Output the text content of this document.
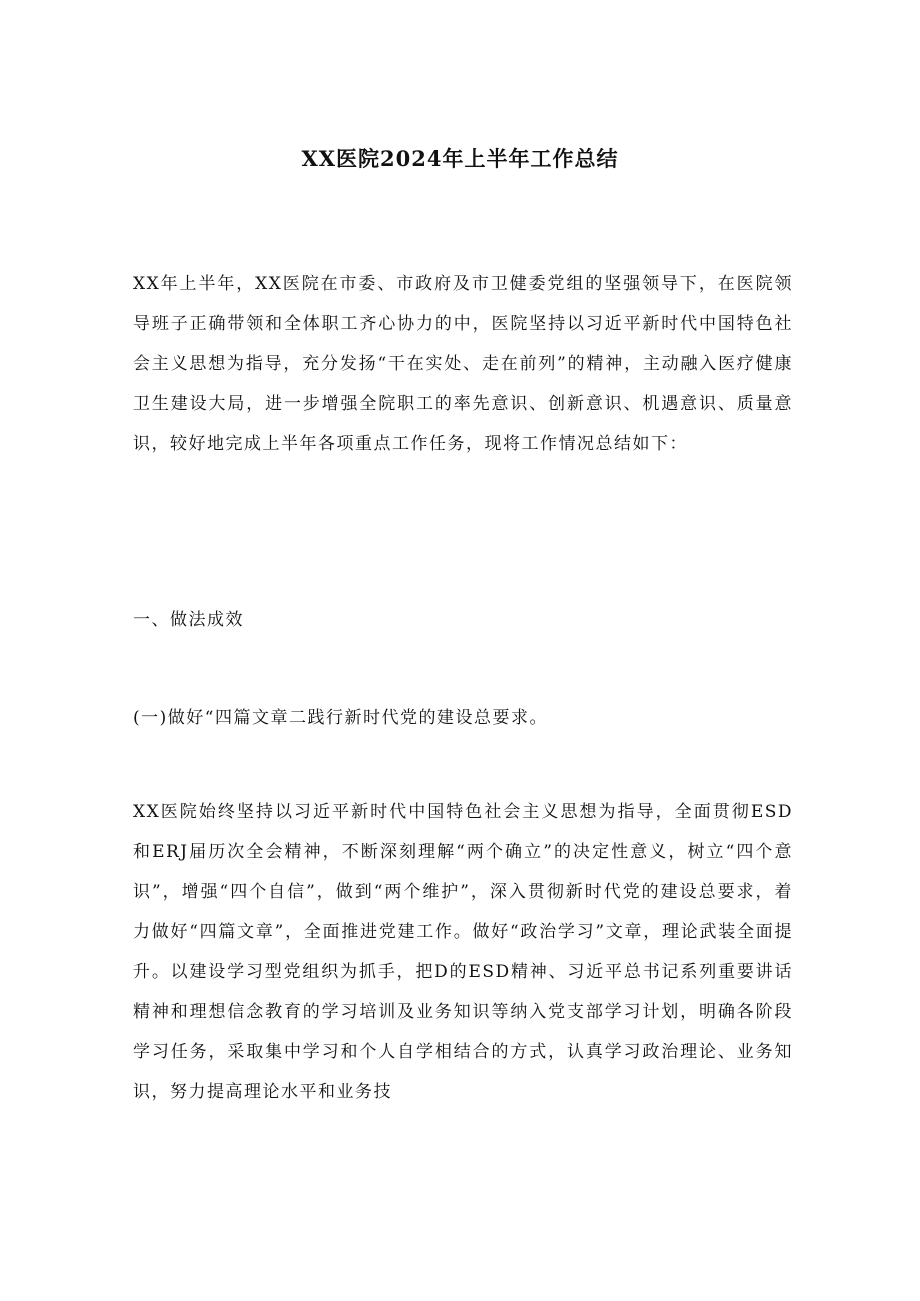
XX医院2024年上半年工作总结

XX年上半年，XX医院在市委、市政府及市卫健委党组的坚强领导下，在医院领导班子正确带领和全体职工齐心协力的中，医院坚持以习近平新时代中国特色社会主义思想为指导，充分发扬“干在实处、走在前列”的精神，主动融入医疗健康卫生建设大局，进一步增强全院职工的率先意识、创新意识、机遇意识、质量意识，较好地完成上半年各项重点工作任务，现将工作情况总结如下：

一、做法成效
(一)做好“四篇文章二践行新时代党的建设总要求。

XX医院始终坚持以习近平新时代中国特色社会主义思想为指导，全面贯彻ESD和ERJ届历次全会精神，不断深刻理解“两个确立”的决定性意义，树立“四个意识”，增强“四个自信”，做到“两个维护”，深入贯彻新时代党的建设总要求，着力做好“四篇文章”，全面推进党建工作。做好“政治学习”文章，理论武装全面提升。以建设学习型党组织为抓手，把D的ESD精神、习近平总书记系列重要讲话精神和理想信念教育的学习培训及业务知识等纳入党支部学习计划，明确各阶段学习任务，采取集中学习和个人自学相结合的方式，认真学习政治理论、业务知识，努力提高理论水平和业务技
